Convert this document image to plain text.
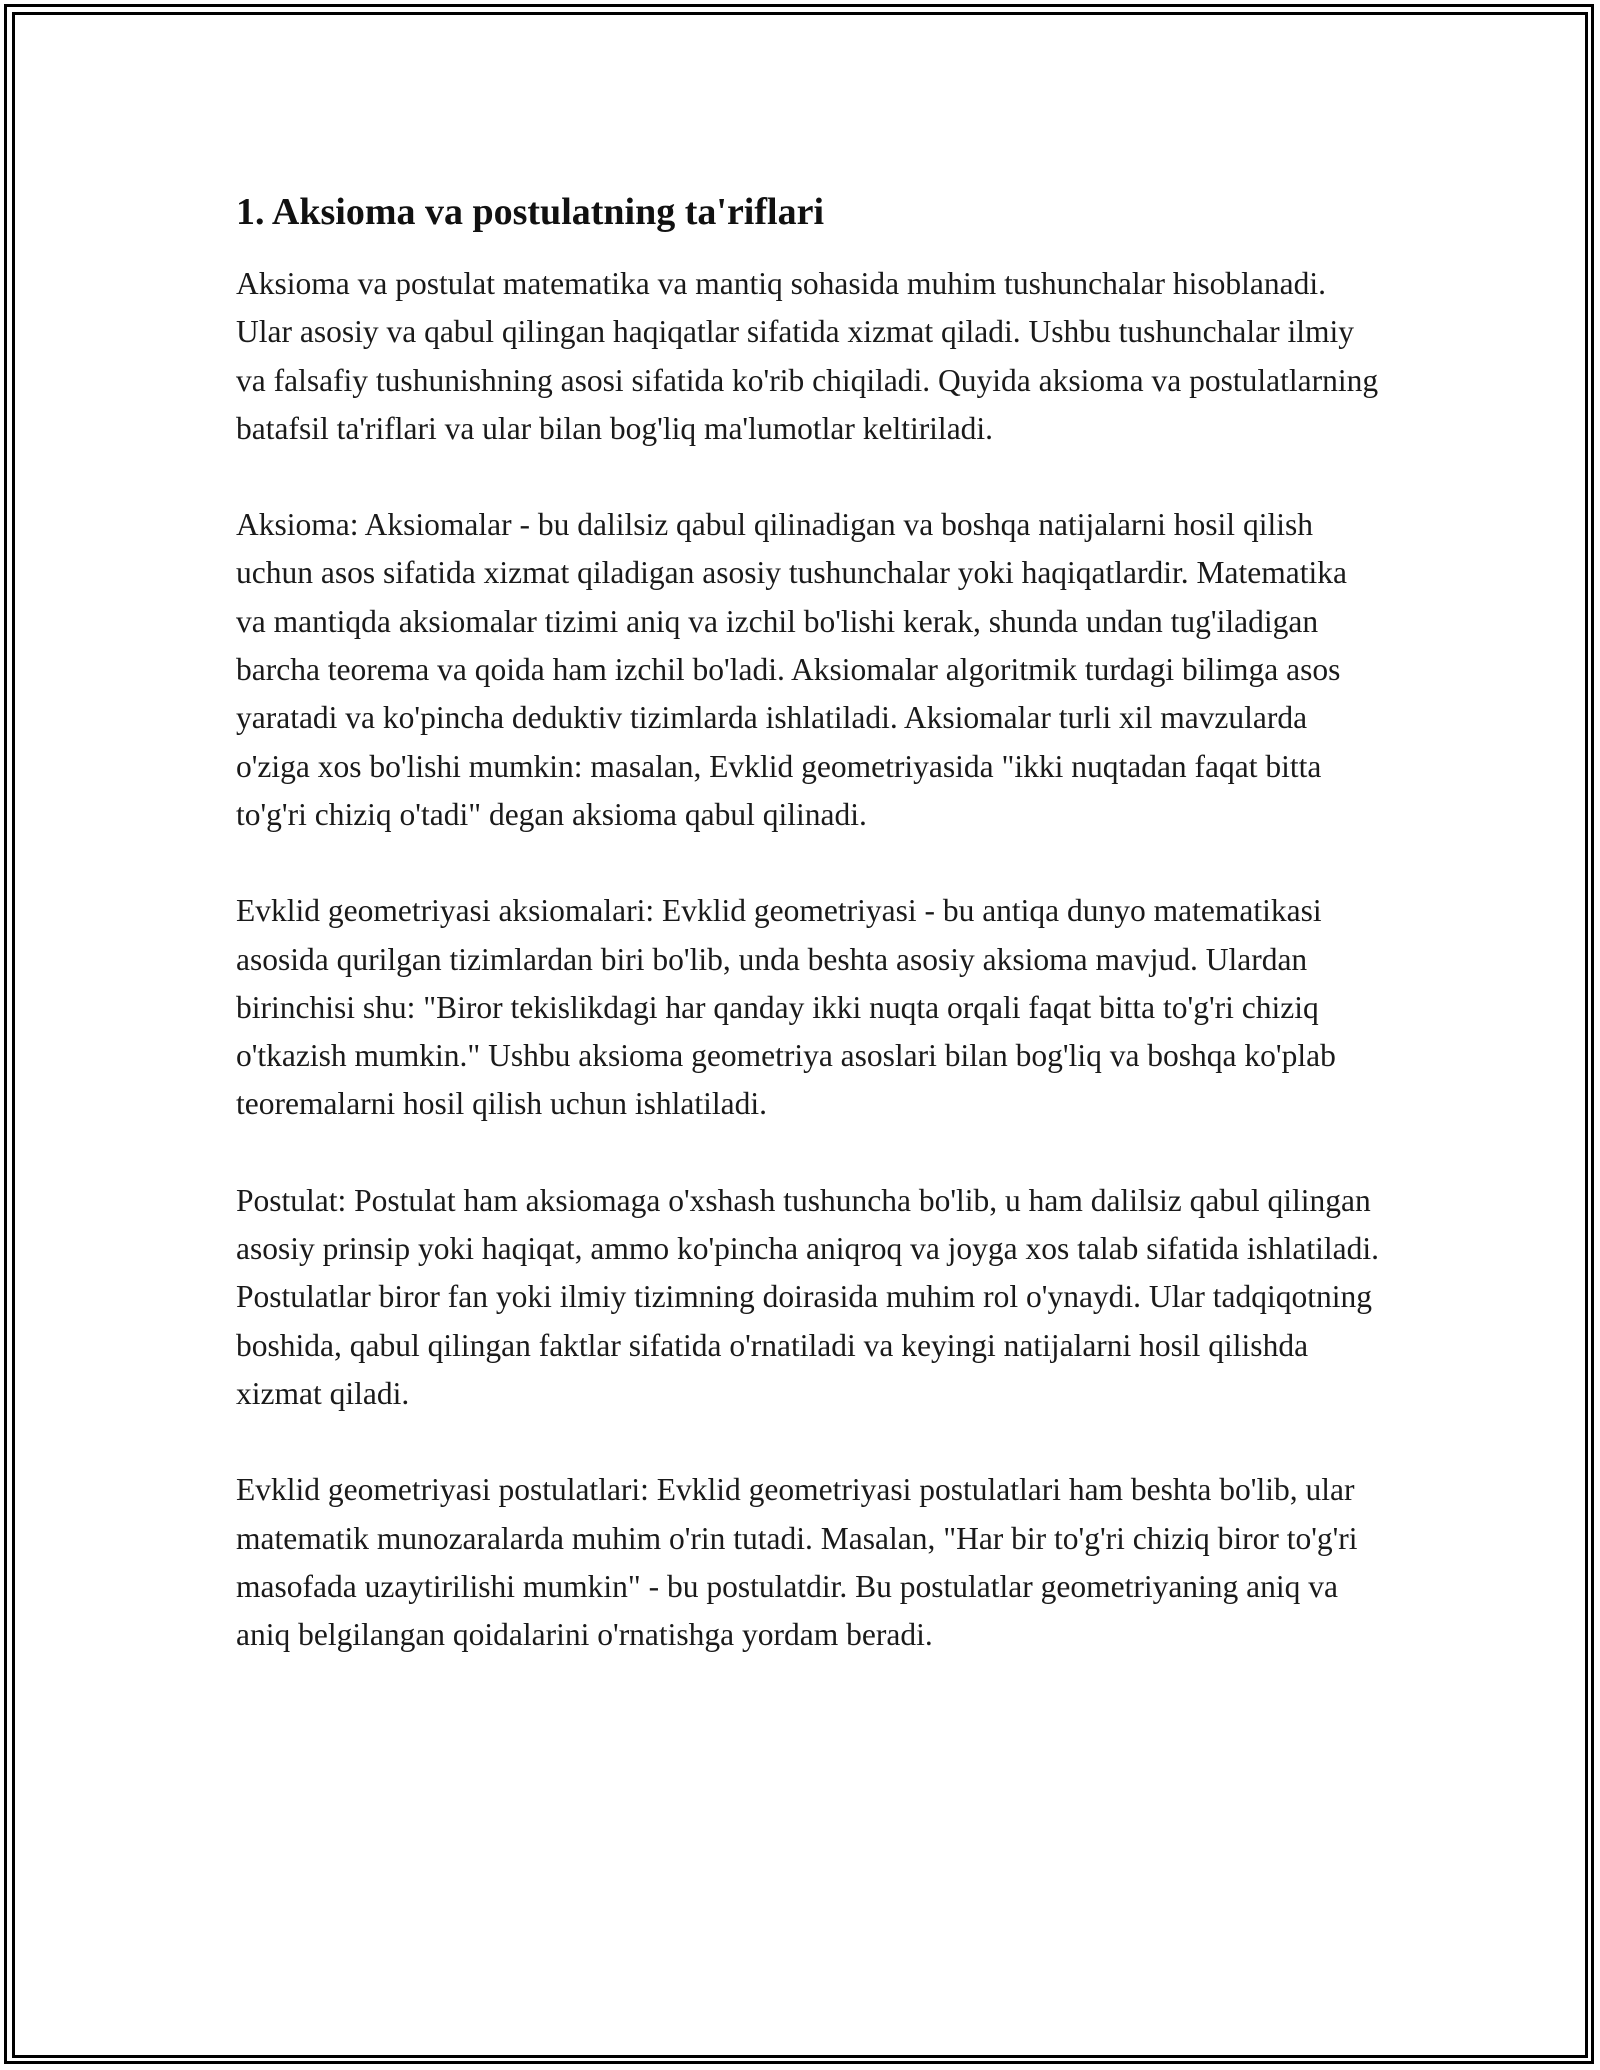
1. Aksioma va postulatning ta'riflari

Aksioma va postulat matematika va mantiq sohasida muhim tushunchalar hisoblanadi. Ular asosiy va qabul qilingan haqiqatlar sifatida xizmat qiladi. Ushbu tushunchalar ilmiy va falsafiy tushunishning asosi sifatida ko'rib chiqiladi. Quyida aksioma va postulatlarning batafsil ta'riflari va ular bilan bog'liq ma'lumotlar keltiriladi.

Aksioma: Aksiomalar - bu dalilsiz qabul qilinadigan va boshqa natijalarni hosil qilish uchun asos sifatida xizmat qiladigan asosiy tushunchalar yoki haqiqatlardir. Matematika va mantiqda aksiomalar tizimi aniq va izchil bo'lishi kerak, shunda undan tug'iladigan barcha teorema va qoida ham izchil bo'ladi. Aksiomalar algoritmik turdagi bilimga asos yaratadi va ko'pincha deduktiv tizimlarda ishlatiladi. Aksiomalar turli xil mavzularda o'ziga xos bo'lishi mumkin: masalan, Evklid geometriyasida "ikki nuqtadan faqat bitta to'g'ri chiziq o'tadi" degan aksioma qabul qilinadi.

Evklid geometriyasi aksiomalari: Evklid geometriyasi - bu antiqa dunyo matematikasi asosida qurilgan tizimlardan biri bo'lib, unda beshta asosiy aksioma mavjud. Ulardan birinchisi shu: "Biror tekislikdagi har qanday ikki nuqta orqali faqat bitta to'g'ri chiziq o'tkazish mumkin." Ushbu aksioma geometriya asoslari bilan bog'liq va boshqa ko'plab teoremalarni hosil qilish uchun ishlatiladi.

Postulat: Postulat ham aksiomaga o'xshash tushuncha bo'lib, u ham dalilsiz qabul qilingan asosiy prinsip yoki haqiqat, ammo ko'pincha aniqroq va joyga xos talab sifatida ishlatiladi. Postulatlar biror fan yoki ilmiy tizimning doirasida muhim rol o'ynaydi. Ular tadqiqotning boshida, qabul qilingan faktlar sifatida o'rnatiladi va keyingi natijalarni hosil qilishda xizmat qiladi.

Evklid geometriyasi postulatlari: Evklid geometriyasi postulatlari ham beshta bo'lib, ular matematik munozaralarda muhim o'rin tutadi. Masalan, "Har bir to'g'ri chiziq biror to'g'ri masofada uzaytirilishi mumkin" - bu postulatdir. Bu postulatlar geometriyaning aniq va aniq belgilangan qoidalarini o'rnatishga yordam beradi.
